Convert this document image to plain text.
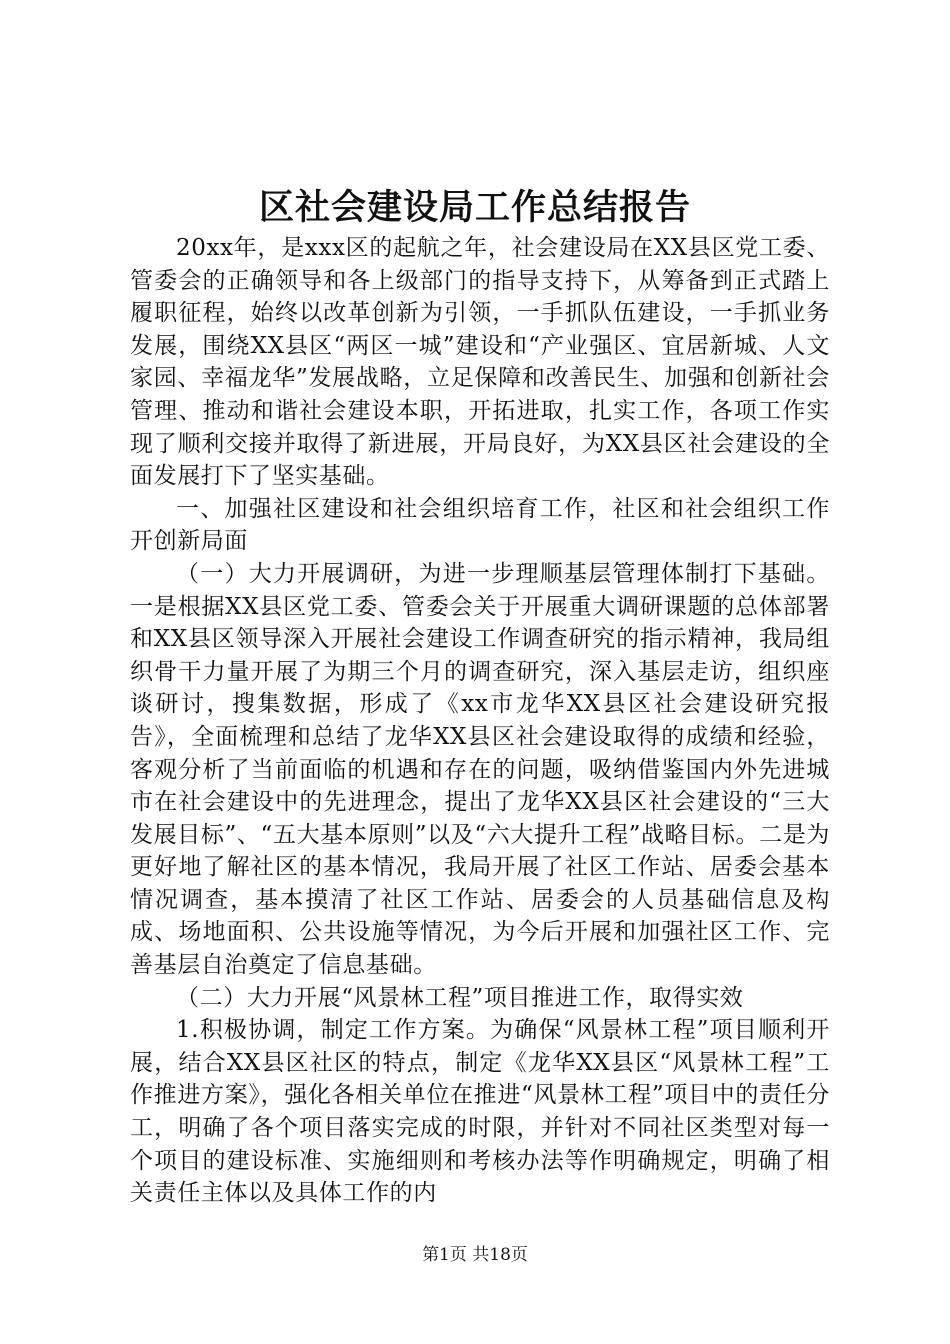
区社会建设局工作总结报告

20xx年，是xxx区的起航之年，社会建设局在XX县区党工委、管委会的正确领导和各上级部门的指导支持下，从筹备到正式踏上履职征程，始终以改革创新为引领，一手抓队伍建设，一手抓业务发展，围绕XX县区“两区一城”建设和“产业强区、宜居新城、人文家园、幸福龙华”发展战略，立足保障和改善民生、加强和创新社会管理、推动和谐社会建设本职，开拓进取，扎实工作，各项工作实现了顺利交接并取得了新进展，开局良好，为XX县区社会建设的全面发展打下了坚实基础。

一、加强社区建设和社会组织培育工作，社区和社会组织工作开创新局面

（一）大力开展调研，为进一步理顺基层管理体制打下基础。一是根据XX县区党工委、管委会关于开展重大调研课题的总体部署和XX县区领导深入开展社会建设工作调查研究的指示精神，我局组织骨干力量开展了为期三个月的调查研究，深入基层走访，组织座谈研讨，搜集数据，形成了《xx市龙华XX县区社会建设研究报告》，全面梳理和总结了龙华XX县区社会建设取得的成绩和经验，客观分析了当前面临的机遇和存在的问题，吸纳借鉴国内外先进城市在社会建设中的先进理念，提出了龙华XX县区社会建设的“三大发展目标”、“五大基本原则”以及“六大提升工程”战略目标。二是为更好地了解社区的基本情况，我局开展了社区工作站、居委会基本情况调查，基本摸清了社区工作站、居委会的人员基础信息及构成、场地面积、公共设施等情况，为今后开展和加强社区工作、完善基层自治奠定了信息基础。

（二）大力开展“风景林工程”项目推进工作，取得实效

1.积极协调，制定工作方案。为确保“风景林工程”项目顺利开展，结合XX县区社区的特点，制定《龙华XX县区“风景林工程”工作推进方案》，强化各相关单位在推进“风景林工程”项目中的责任分工，明确了各个项目落实完成的时限，并针对不同社区类型对每一个项目的建设标准、实施细则和考核办法等作明确规定，明确了相关责任主体以及具体工作的内

第1页 共18页
